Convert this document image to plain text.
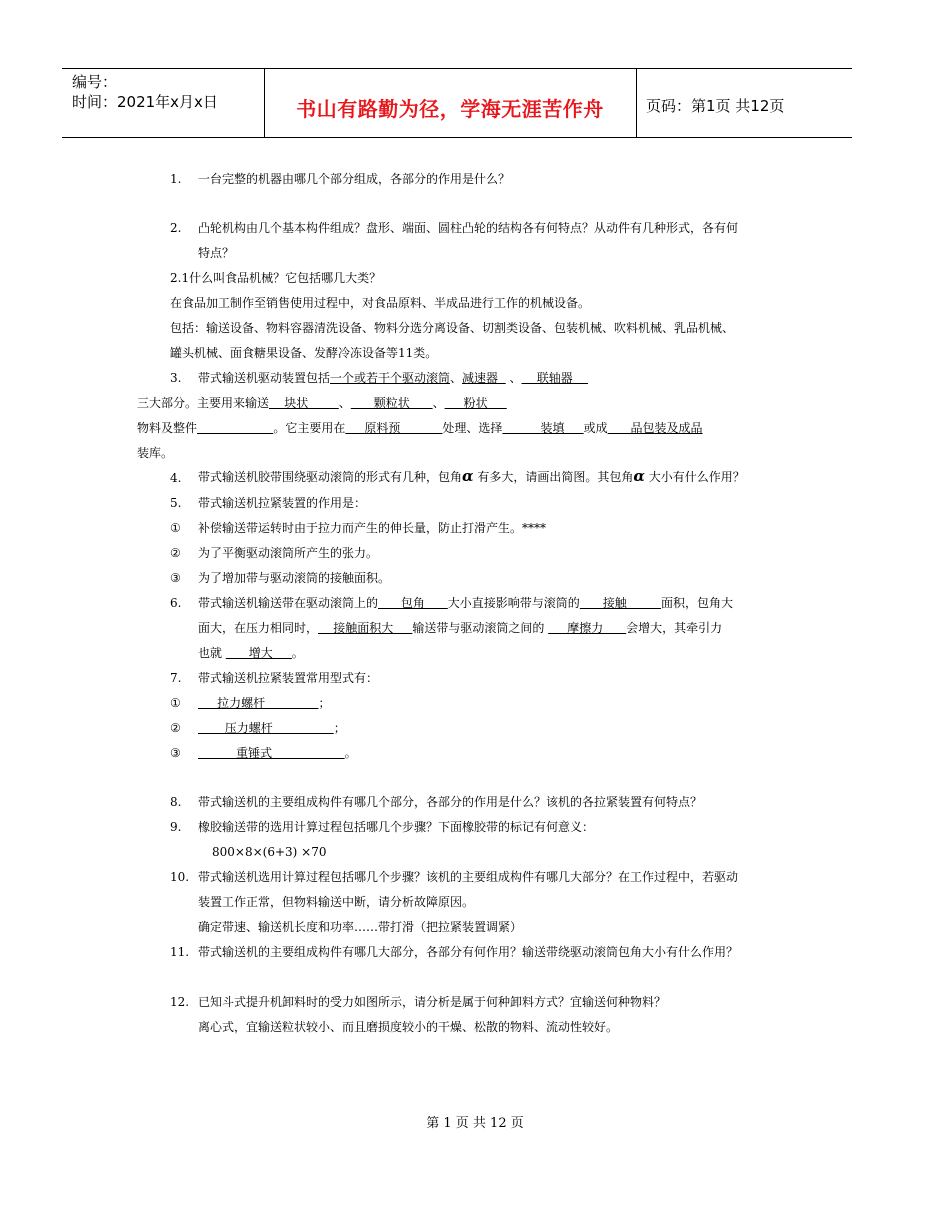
编号：
时间：2021年x月x日	书山有路勤为径，学海无涯苦作舟	页码：第1页 共12页
1. 一台完整的机器由哪几个部分组成，各部分的作用是什么？
2. 凸轮机构由几个基本构件组成？盘形、端面、圆柱凸轮的结构各有何特点？从动件有几种形式，各有何
特点？
2.1什么叫食品机械？它包括哪几大类？
在食品加工制作至销售使用过程中，对食品原料、半成品进行工作的机械设备。
包括：输送设备、物料容器清洗设备、物料分选分离设备、切割类设备、包装机械、吹料机械、乳品机械、
罐头机械、面食糖果设备、发酵冷冻设备等11类。
3. 带式输送机驱动装置包括一个或若干个驱动滚筒、减速器   、    联轴器
三大部分。主要用来输送    块状        、      颗粒状      、     粉状
物料及整件	。它主要用在     原料预           处理、选择          装填     或成      品包装及成品
装库。
4. 带式输送机胶带围绕驱动滚筒的形式有几种，包角α 有多大，请画出简图。其包角α 大小有什么作用？
5. 带式输送机拉紧装置的作用是：
① 补偿输送带运转时由于拉力而产生的伸长量，防止打滑产生。****
② 为了平衡驱动滚筒所产生的张力。
③ 为了增加带与驱动滚筒的接触面积。
6. 带式输送机输送带在驱动滚筒上的      包角      大小直接影响带与滚筒的      接触         面积，包角大
面大，在压力相同时，    接触面积大     输送带与驱动滚筒之间的      摩擦力      会增大，其牵引力
也就       增大     。
7. 带式输送机拉紧装置常用型式有：
① 拉力螺杆              ；
② 压力螺杆                ；
③ 重锤式                   。
8. 带式输送机的主要组成构件有哪几个部分，各部分的作用是什么？该机的各拉紧装置有何特点？
9. 橡胶输送带的选用计算过程包括哪几个步骤？下面橡胶带的标记有何意义：
800×8×(6+3) ×70
10. 带式输送机选用计算过程包括哪几个步骤？该机的主要组成构件有哪几大部分？在工作过程中，若驱动
装置工作正常，但物料输送中断，请分析故障原因。
确定带速、输送机长度和功率……带打滑（把拉紧装置调紧）
11. 带式输送机的主要组成构件有哪几大部分，各部分有何作用？输送带绕驱动滚筒包角大小有什么作用？
12. 已知斗式提升机卸料时的受力如图所示，请分析是属于何种卸料方式？宜输送何种物料？
离心式，宜输送粒状较小、而且磨损度较小的干燥、松散的物料、流动性较好。
第 1 页 共 12 页
